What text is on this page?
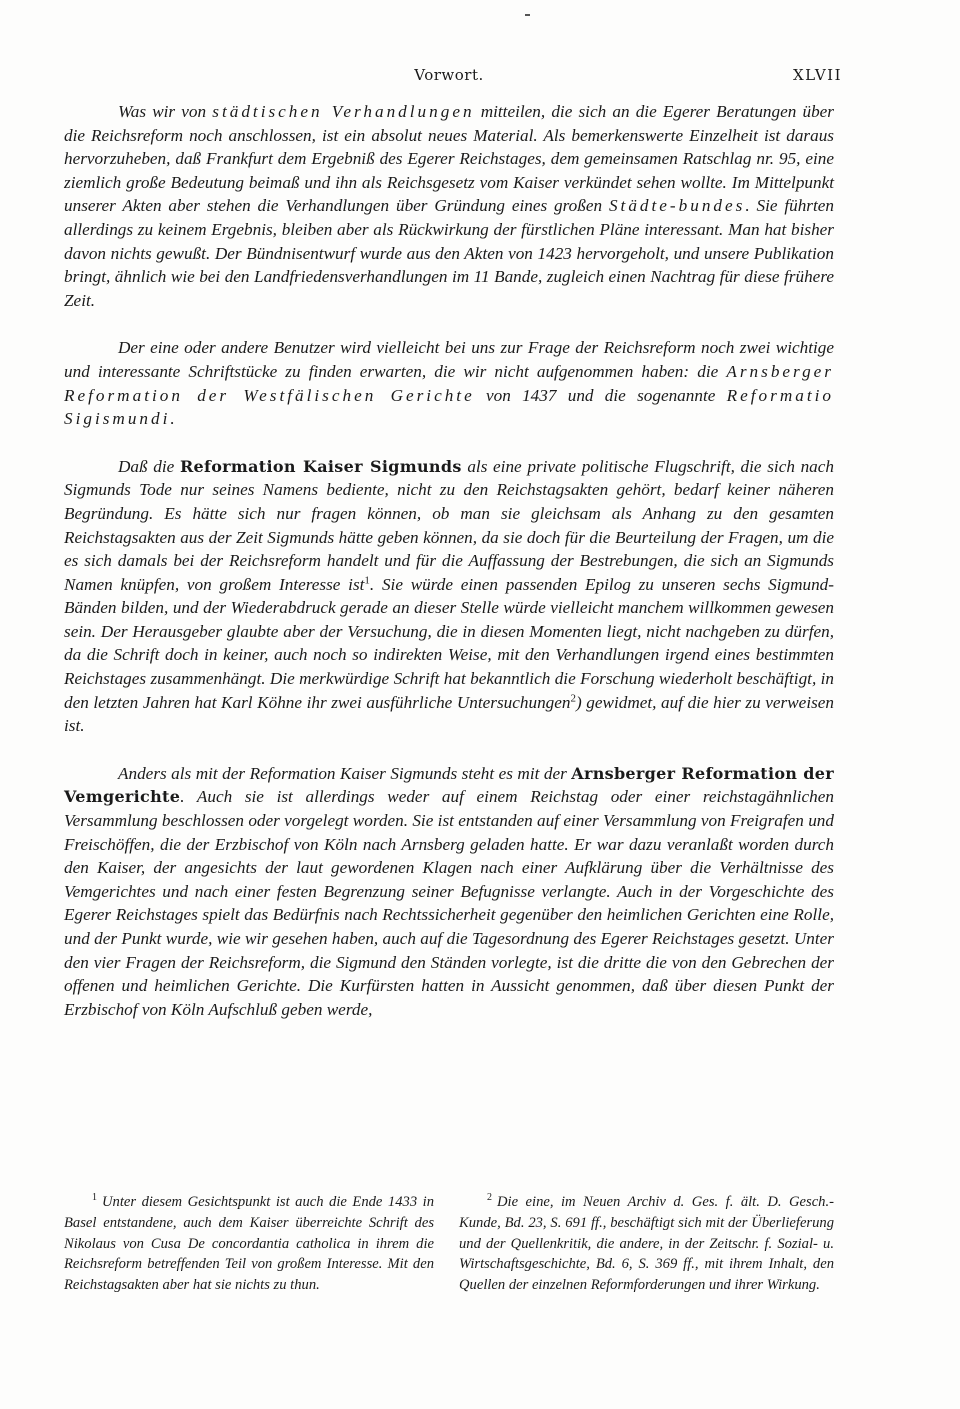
Vorwort.	XLVII

Was wir von städtischen Verhandlungen mitteilen, die sich an die Egerer Beratungen über die Reichsreform noch anschlossen, ist ein absolut neues Material. Als bemerkenswerte Einzelheit ist daraus hervorzuheben, daß Frankfurt dem Ergebniß des Egerer Reichstages, dem gemeinsamen Ratschlag nr. 95, eine ziemlich große Bedeutung beimaß und ihn als Reichsgesetz vom Kaiser verkündet sehen wollte. Im Mittelpunkt unserer Akten aber stehen die Verhandlungen über Gründung eines großen Städte-bundes. Sie führten allerdings zu keinem Ergebnis, bleiben aber als Rückwirkung der fürstlichen Pläne interessant. Man hat bisher davon nichts gewußt. Der Bündnisentwurf wurde aus den Akten von 1423 hervorgeholt, und unsere Publikation bringt, ähnlich wie bei den Landfriedensverhandlungen im 11 Bande, zugleich einen Nachtrag für diese frühere Zeit.

Der eine oder andere Benutzer wird vielleicht bei uns zur Frage der Reichsreform noch zwei wichtige und interessante Schriftstücke zu finden erwarten, die wir nicht aufgenommen haben: die Arnsberger Reformation der Westfälischen Gerichte von 1437 und die sogenannte Reformatio Sigismundi.

Daß die Reformation Kaiser Sigmunds als eine private politische Flugschrift, die sich nach Sigmunds Tode nur seines Namens bediente, nicht zu den Reichstagsakten gehört, bedarf keiner näheren Begründung. Es hätte sich nur fragen können, ob man sie gleichsam als Anhang zu den gesamten Reichstagsakten aus der Zeit Sigmunds hätte geben können, da sie doch für die Beurteilung der Fragen, um die es sich damals bei der Reichsreform handelt und für die Auffassung der Bestrebungen, die sich an Sigmunds Namen knüpfen, von großem Interesse ist$^1$. Sie würde einen passenden Epilog zu unseren sechs Sigmund-Bänden bilden, und der Wiederabdruck gerade an dieser Stelle würde vielleicht manchem willkommen gewesen sein. Der Herausgeber glaubte aber der Versuchung, die in diesen Momenten liegt, nicht nachgeben zu dürfen, da die Schrift doch in keiner, auch noch so indirekten Weise, mit den Verhandlungen irgend eines bestimmten Reichstages zusammenhängt. Die merkwürdige Schrift hat bekanntlich die Forschung wiederholt beschäftigt, in den letzten Jahren hat Karl Köhne ihr zwei ausführliche Untersuchungen$^2$) gewidmet, auf die hier zu verweisen ist.

Anders als mit der Reformation Kaiser Sigmunds steht es mit der Arnsberger Reformation der Vemgerichte. Auch sie ist allerdings weder auf einem Reichstag oder einer reichstagähnlichen Versammlung beschlossen oder vorgelegt worden. Sie ist entstanden auf einer Versammlung von Freigrafen und Freischöffen, die der Erzbischof von Köln nach Arnsberg geladen hatte. Er war dazu veranlaßt worden durch den Kaiser, der angesichts der laut gewordenen Klagen nach einer Aufklärung über die Verhältnisse des Vemgerichtes und nach einer festen Begrenzung seiner Befugnisse verlangte. Auch in der Vorgeschichte des Egerer Reichstages spielt das Bedürfnis nach Rechtssicherheit gegenüber den heimlichen Gerichten eine Rolle, und der Punkt wurde, wie wir gesehen haben, auch auf die Tagesordnung des Egerer Reichstages gesetzt. Unter den vier Fragen der Reichsreform, die Sigmund den Ständen vorlegte, ist die dritte die von den Gebrechen der offenen und heimlichen Gerichte. Die Kurfürsten hatten in Aussicht genommen, daß über diesen Punkt der Erzbischof von Köln Aufschluß geben werde,

$^1$ Unter diesem Gesichtspunkt ist auch die Ende 1433 in Basel entstandene, auch dem Kaiser überreichte Schrift des Nikolaus von Cusa De concordantia catholica in ihrem die Reichsreform betreffenden Teil von großem Interesse. Mit den Reichstagsakten aber hat sie nichts zu thun.

$^2$ Die eine, im Neuen Archiv d. Ges. f. ält. D. Gesch.-Kunde, Bd. 23, S. 691 ff., beschäftigt sich mit der Überlieferung und der Quellenkritik, die andere, in der Zeitschr. f. Sozial- u. Wirtschaftsgeschichte, Bd. 6, S. 369 ff., mit ihrem Inhalt, den Quellen der einzelnen Reformforderungen und ihrer Wirkung.
